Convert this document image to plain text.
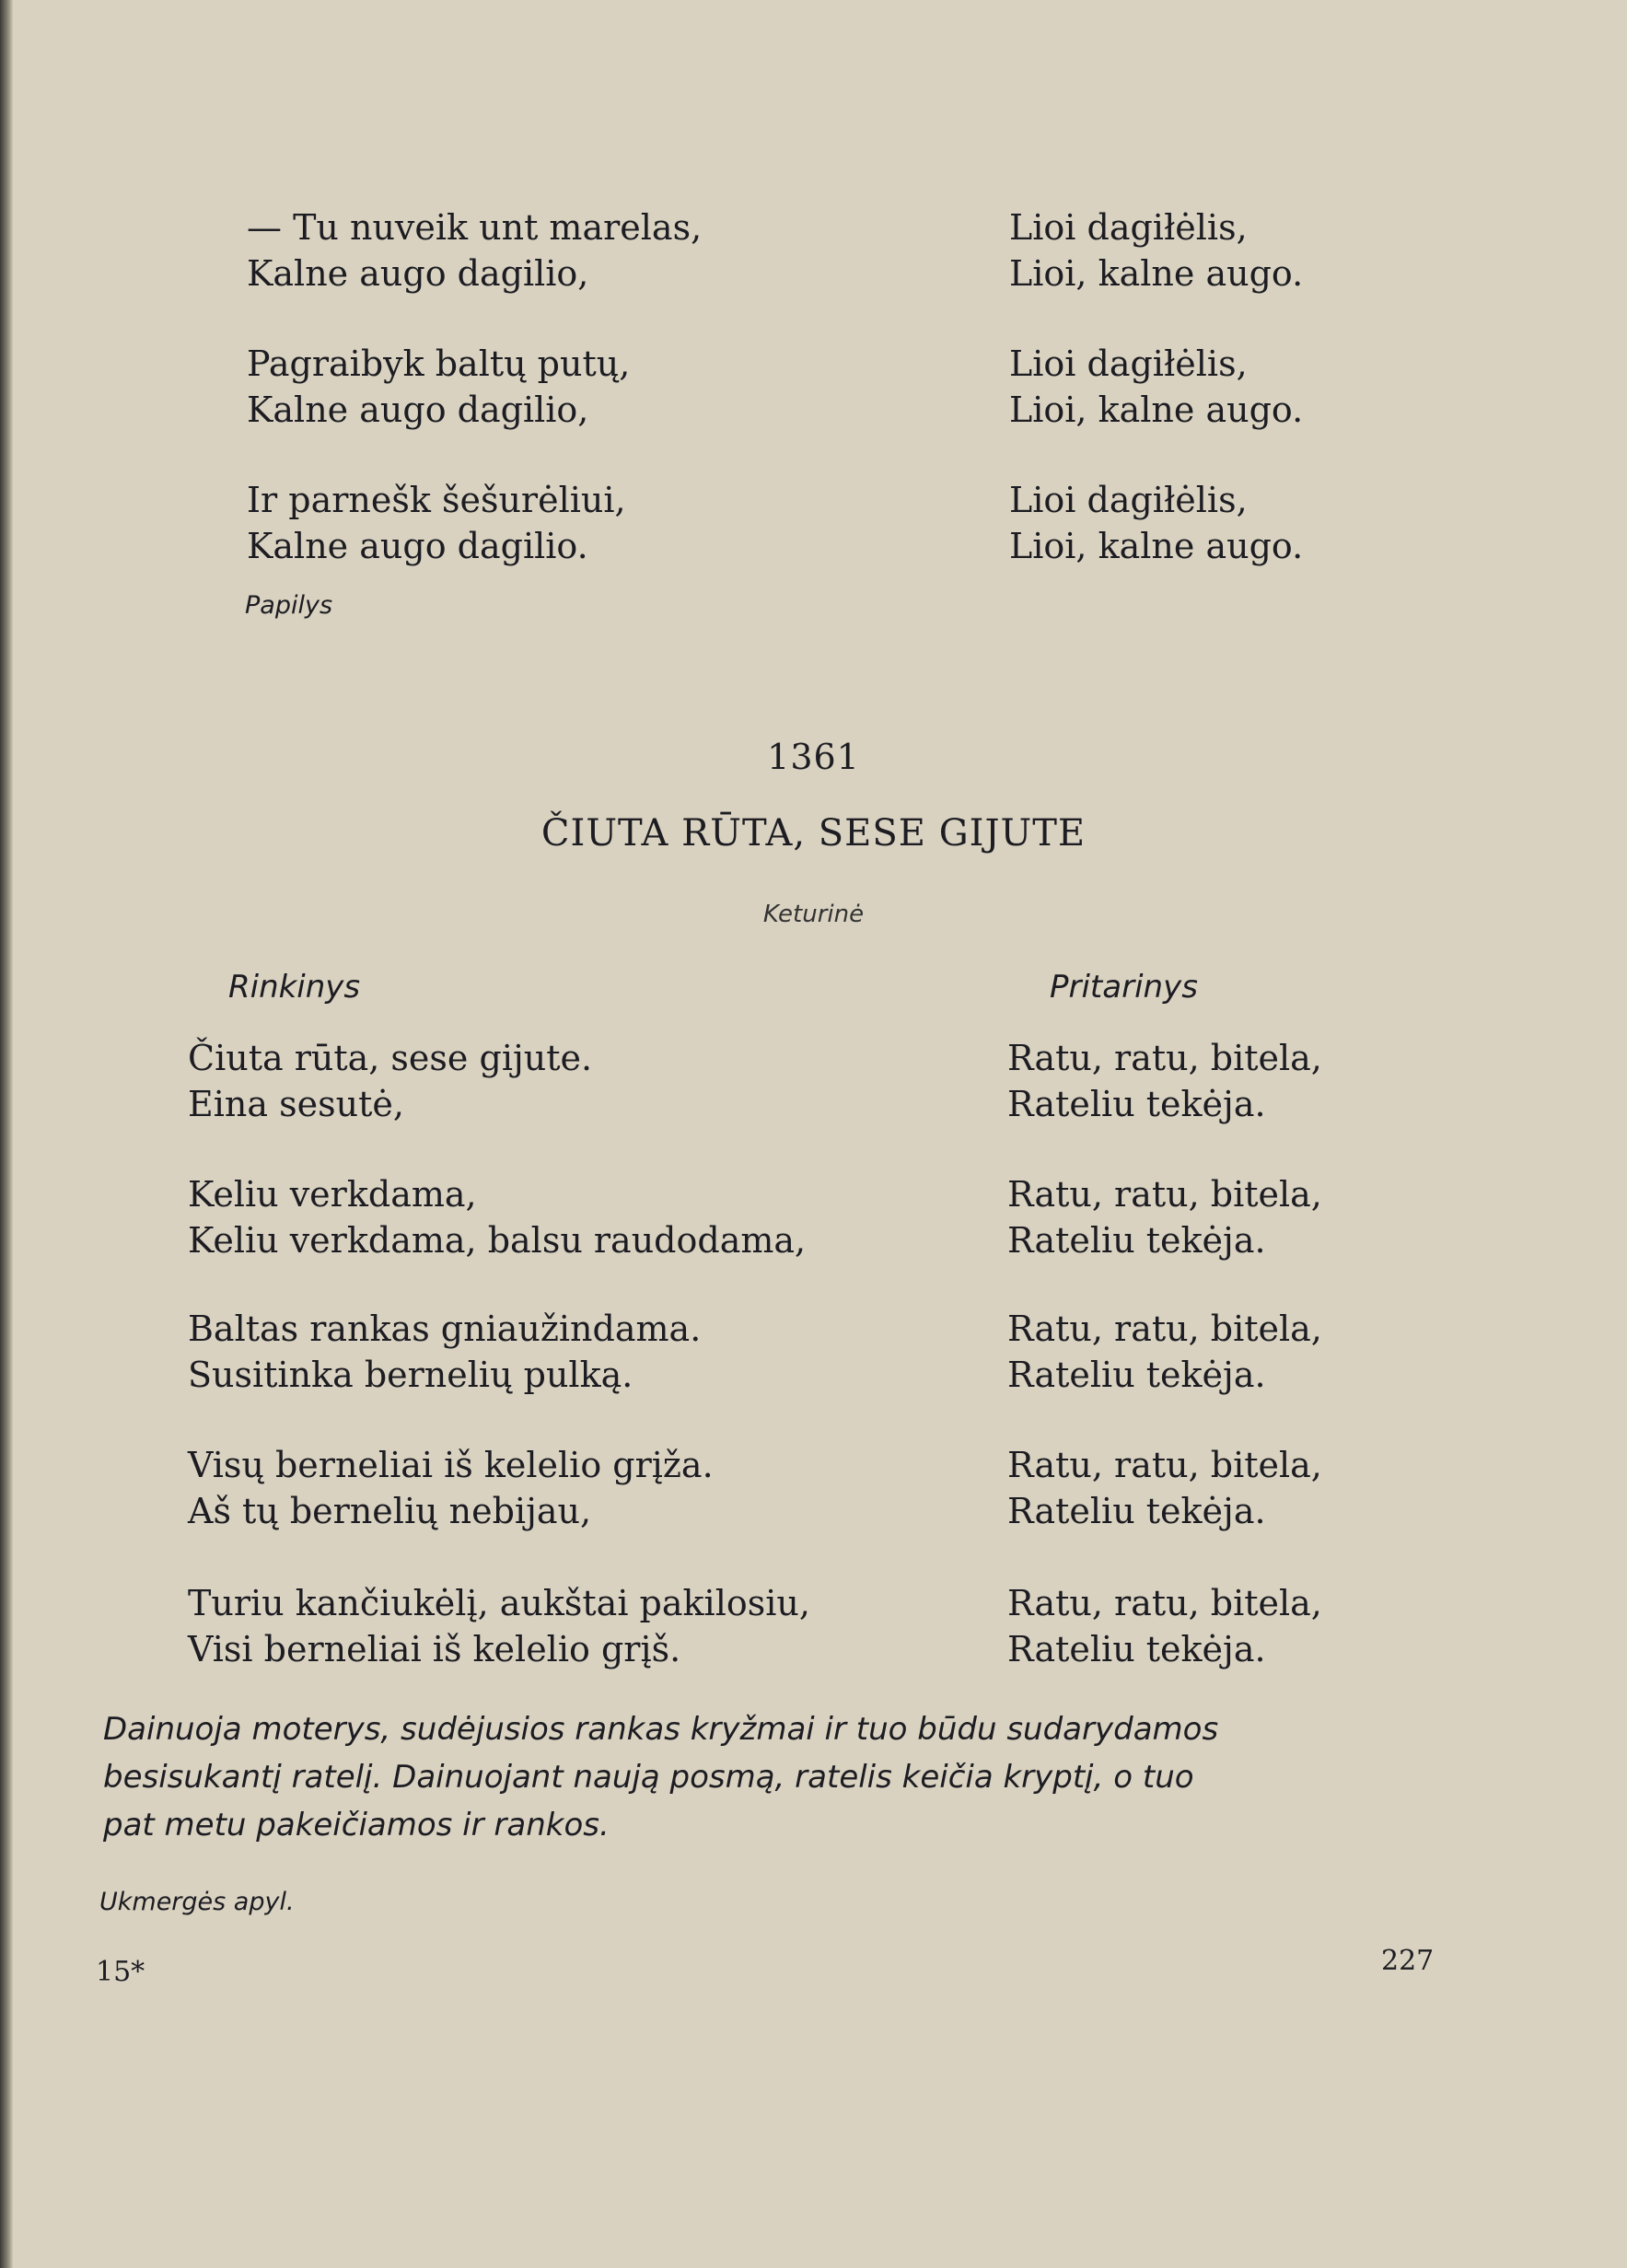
— Tu nuveik unt marelas,
Kalne augo dagilio,
Lioi dagiłėlis,
Lioi, kalne augo.
Pagraibyk baltų putų,
Kalne augo dagilio,
Lioi dagiłėlis,
Lioi, kalne augo.
Ir parnešk šešurėliui,
Kalne augo dagilio.
Lioi dagiłėlis,
Lioi, kalne augo.
Papilys
1361
ČIUTA RŪTA, SESE GIJUTE
Keturinė
Rinkinys	Pritarinys
Čiuta rūta, sese gijute.
Eina sesutė,
Ratu, ratu, bitela,
Rateliu tekėja.
Keliu verkdama,
Keliu verkdama, balsu raudodama,
Ratu, ratu, bitela,
Rateliu tekėja.
Baltas rankas gniaužindama.
Susitinka bernelių pulką.
Ratu, ratu, bitela,
Rateliu tekėja.
Visų berneliai iš kelelio grįža.
Aš tų bernelių nebijau,
Ratu, ratu, bitela,
Rateliu tekėja.
Turiu kančiukėlį, aukštai pakilosiu,
Visi berneliai iš kelelio grįš.
Ratu, ratu, bitela,
Rateliu tekėja.
Dainuoja moterys, sudėjusios rankas kryžmai ir tuo būdu sudarydamos
besisukantį ratelį. Dainuojant naują posmą, ratelis keičia kryptį, o tuo
pat metu pakeičiamos ir rankos.
Ukmergės apyl.
15*	227
